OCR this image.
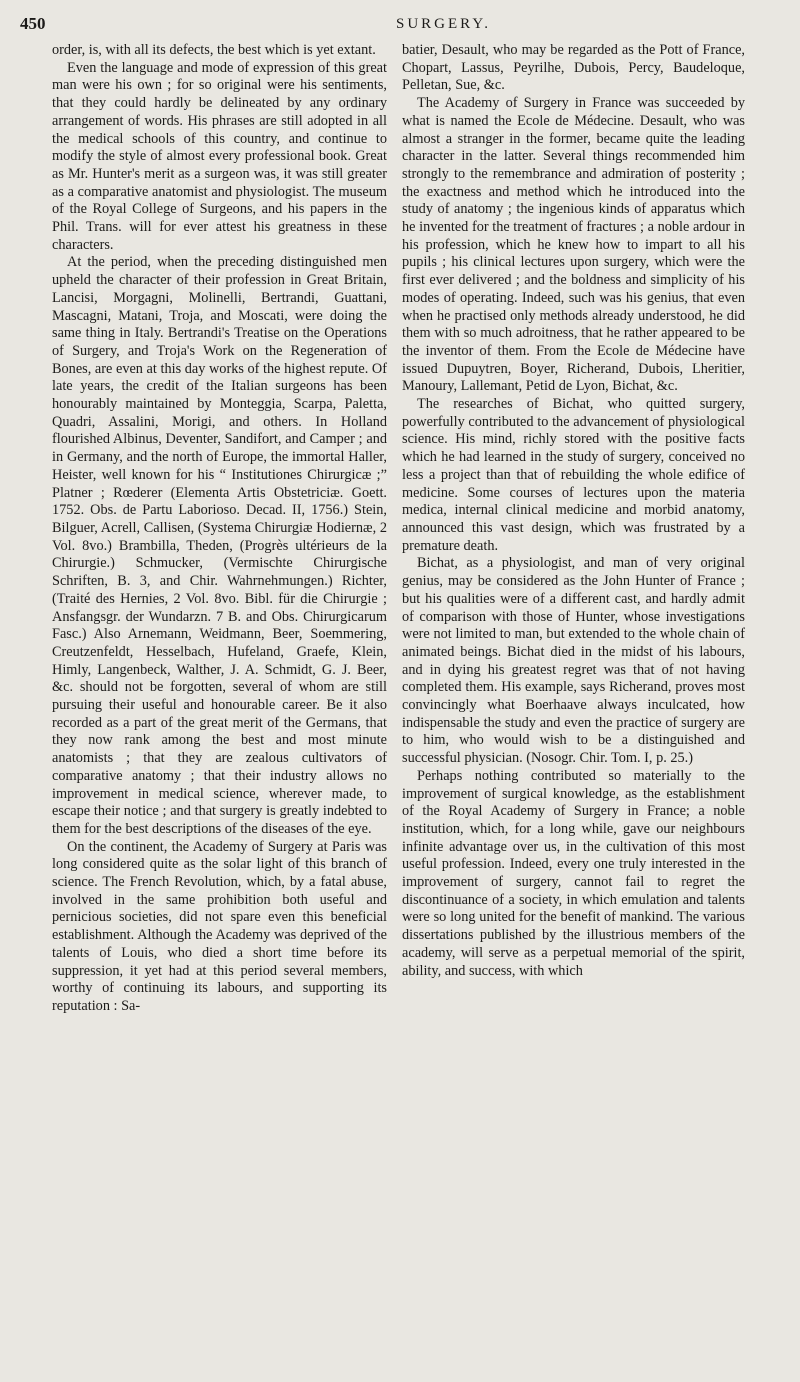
450	SURGERY.

order, is, with all its defects, the best which is yet extant.

Even the language and mode of expression of this great man were his own ; for so original were his sentiments, that they could hardly be delineated by any ordinary arrangement of words. His phrases are still adopted in all the medical schools of this country, and continue to modify the style of almost every professional book. Great as Mr. Hunter's merit as a surgeon was, it was still greater as a comparative anatomist and physiologist. The museum of the Royal College of Surgeons, and his papers in the Phil. Trans. will for ever attest his greatness in these characters.

At the period, when the preceding distinguished men upheld the character of their profession in Great Britain, Lancisi, Morgagni, Molinelli, Bertrandi, Guattani, Mascagni, Matani, Troja, and Moscati, were doing the same thing in Italy. Bertrandi's Treatise on the Operations of Surgery, and Troja's Work on the Regeneration of Bones, are even at this day works of the highest repute. Of late years, the credit of the Italian surgeons has been honourably maintained by Monteggia, Scarpa, Paletta, Quadri, Assalini, Morigi, and others. In Holland flourished Albinus, Deventer, Sandifort, and Camper ; and in Germany, and the north of Europe, the immortal Haller, Heister, well known for his “ Institutiones Chirurgicæ ;” Platner ; Rœderer (Elementa Artis Obstetriciæ. Goett. 1752. Obs. de Partu Laborioso. Decad. II, 1756.) Stein, Bilguer, Acrell, Callisen, (Systema Chirurgiæ Hodiernæ, 2 Vol. 8vo.) Brambilla, Theden, (Progrès ultérieurs de la Chirurgie.) Schmucker, (Vermischte Chirurgische Schriften, B. 3, and Chir. Wahrnehmungen.) Richter, (Traité des Hernies, 2 Vol. 8vo. Bibl. für die Chirurgie ; Ansfangsgr. der Wundarzn. 7 B. and Obs. Chirurgicarum Fasc.) Also Arnemann, Weidmann, Beer, Soemmering, Creutzenfeldt, Hesselbach, Hufeland, Graefe, Klein, Himly, Langenbeck, Walther, J. A. Schmidt, G. J. Beer, &c. should not be forgotten, several of whom are still pursuing their useful and honourable career. Be it also recorded as a part of the great merit of the Germans, that they now rank among the best and most minute anatomists ; that they are zealous cultivators of comparative anatomy ; that their industry allows no improvement in medical science, wherever made, to escape their notice ; and that surgery is greatly indebted to them for the best descriptions of the diseases of the eye.

On the continent, the Academy of Surgery at Paris was long considered quite as the solar light of this branch of science. The French Revolution, which, by a fatal abuse, involved in the same prohibition both useful and pernicious societies, did not spare even this beneficial establishment. Although the Academy was deprived of the talents of Louis, who died a short time before its suppression, it yet had at this period several members, worthy of continuing its labours, and supporting its reputation : Sa-

batier, Desault, who may be regarded as the Pott of France, Chopart, Lassus, Peyrilhe, Dubois, Percy, Baudeloque, Pelletan, Sue, &c.

The Academy of Surgery in France was succeeded by what is named the Ecole de Médecine. Desault, who was almost a stranger in the former, became quite the leading character in the latter. Several things recommended him strongly to the remembrance and admiration of posterity ; the exactness and method which he introduced into the study of anatomy ; the ingenious kinds of apparatus which he invented for the treatment of fractures ; a noble ardour in his profession, which he knew how to impart to all his pupils ; his clinical lectures upon surgery, which were the first ever delivered ; and the boldness and simplicity of his modes of operating. Indeed, such was his genius, that even when he practised only methods already understood, he did them with so much adroitness, that he rather appeared to be the inventor of them. From the Ecole de Médecine have issued Dupuytren, Boyer, Richerand, Dubois, Lheritier, Manoury, Lallemant, Petid de Lyon, Bichat, &c.

The researches of Bichat, who quitted surgery, powerfully contributed to the advancement of physiological science. His mind, richly stored with the positive facts which he had learned in the study of surgery, conceived no less a project than that of rebuilding the whole edifice of medicine. Some courses of lectures upon the materia medica, internal clinical medicine and morbid anatomy, announced this vast design, which was frustrated by a premature death.

Bichat, as a physiologist, and man of very original genius, may be considered as the John Hunter of France ; but his qualities were of a different cast, and hardly admit of comparison with those of Hunter, whose investigations were not limited to man, but extended to the whole chain of animated beings. Bichat died in the midst of his labours, and in dying his greatest regret was that of not having completed them. His example, says Richerand, proves most convincingly what Boerhaave always inculcated, how indispensable the study and even the practice of surgery are to him, who would wish to be a distinguished and successful physician. (Nosogr. Chir. Tom. I, p. 25.)

Perhaps nothing contributed so materially to the improvement of surgical knowledge, as the establishment of the Royal Academy of Surgery in France; a noble institution, which, for a long while, gave our neighbours infinite advantage over us, in the cultivation of this most useful profession. Indeed, every one truly interested in the improvement of surgery, cannot fail to regret the discontinuance of a society, in which emulation and talents were so long united for the benefit of mankind. The various dissertations published by the illustrious members of the academy, will serve as a perpetual memorial of the spirit, ability, and success, with which
